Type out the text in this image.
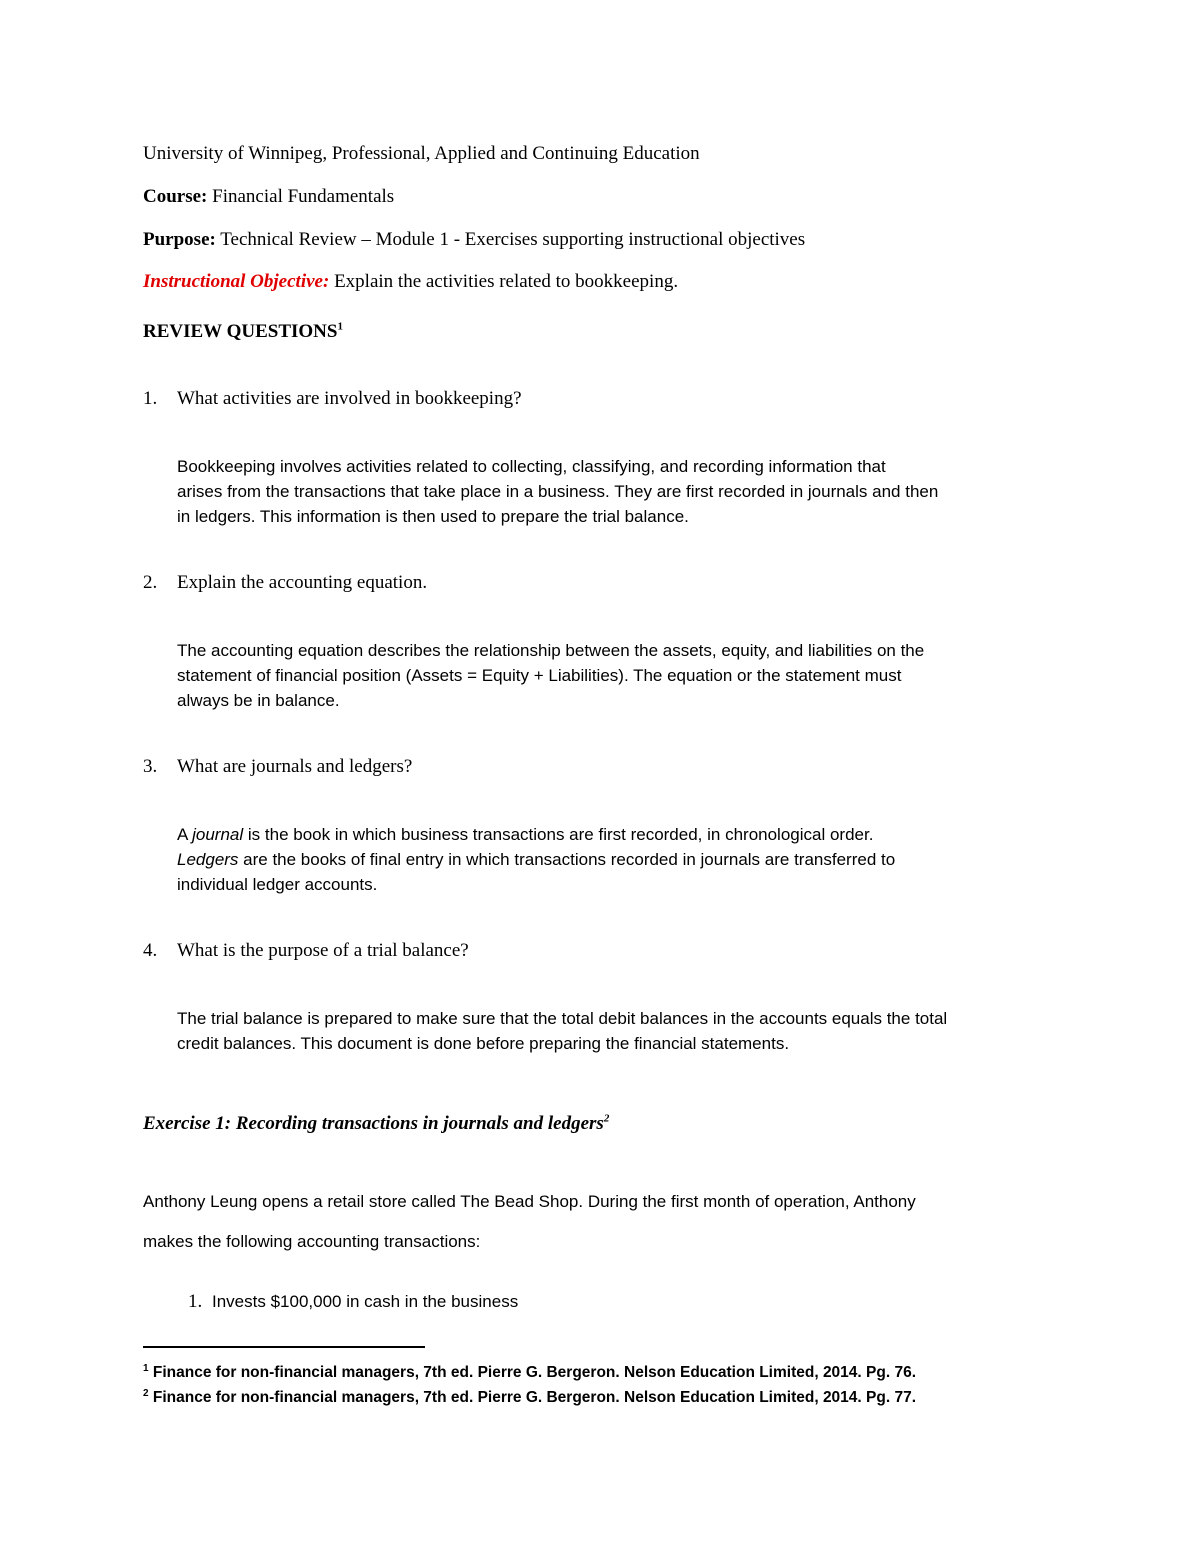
University of Winnipeg, Professional, Applied and Continuing Education
Course: Financial Fundamentals
Purpose: Technical Review – Module 1 - Exercises supporting instructional objectives
Instructional Objective: Explain the activities related to bookkeeping.
REVIEW QUESTIONS$^1$
1. What activities are involved in bookkeeping?
Bookkeeping involves activities related to collecting, classifying, and recording information that
arises from the transactions that take place in a business. They are first recorded in journals and then
in ledgers. This information is then used to prepare the trial balance.
2. Explain the accounting equation.
The accounting equation describes the relationship between the assets, equity, and liabilities on the
statement of financial position (Assets = Equity + Liabilities). The equation or the statement must
always be in balance.
3. What are journals and ledgers?
A journal is the book in which business transactions are first recorded, in chronological order.
Ledgers are the books of final entry in which transactions recorded in journals are transferred to
individual ledger accounts.
4. What is the purpose of a trial balance?
The trial balance is prepared to make sure that the total debit balances in the accounts equals the total
credit balances. This document is done before preparing the financial statements.
Exercise 1: Recording transactions in journals and ledgers$^2$
Anthony Leung opens a retail store called The Bead Shop. During the first month of operation, Anthony
makes the following accounting transactions:
1. Invests $100,000 in cash in the business
$^1$ Finance for non-financial managers, 7th ed. Pierre G. Bergeron. Nelson Education Limited, 2014. Pg. 76.
$^2$ Finance for non-financial managers, 7th ed. Pierre G. Bergeron. Nelson Education Limited, 2014. Pg. 77.
